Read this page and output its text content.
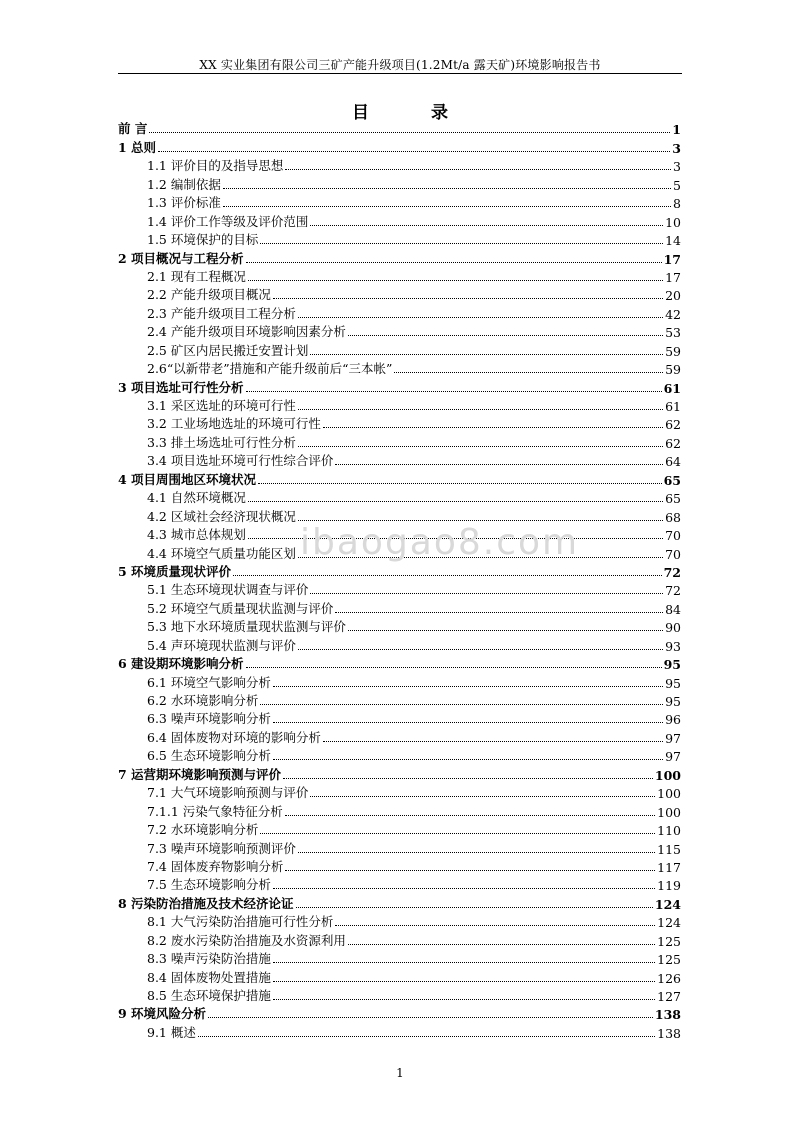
XX 实业集团有限公司三矿产能升级项目(1.2Mt/a 露天矿)环境影响报告书
目 录
前 言	1
1 总则	3
1.1 评价目的及指导思想	3
1.2 编制依据	5
1.3 评价标准	8
1.4 评价工作等级及评价范围	10
1.5 环境保护的目标	14
2 项目概况与工程分析	17
2.1 现有工程概况	17
2.2 产能升级项目概况	20
2.3 产能升级项目工程分析	42
2.4 产能升级项目环境影响因素分析	53
2.5 矿区内居民搬迁安置计划	59
2.6“以新带老”措施和产能升级前后“三本帐”	59
3 项目选址可行性分析	61
3.1 采区选址的环境可行性	61
3.2 工业场地选址的环境可行性	62
3.3 排土场选址可行性分析	62
3.4 项目选址环境可行性综合评价	64
4 项目周围地区环境状况	65
4.1 自然环境概况	65
4.2 区域社会经济现状概况	68
4.3 城市总体规划	70
4.4 环境空气质量功能区划	70
5 环境质量现状评价	72
5.1 生态环境现状调查与评价	72
5.2 环境空气质量现状监测与评价	84
5.3 地下水环境质量现状监测与评价	90
5.4 声环境现状监测与评价	93
6 建设期环境影响分析	95
6.1 环境空气影响分析	95
6.2 水环境影响分析	95
6.3 噪声环境影响分析	96
6.4 固体废物对环境的影响分析	97
6.5 生态环境影响分析	97
7 运营期环境影响预测与评价	100
7.1 大气环境影响预测与评价	100
7.1.1 污染气象特征分析	100
7.2 水环境影响分析	110
7.3 噪声环境影响预测评价	115
7.4 固体废弃物影响分析	117
7.5 生态环境影响分析	119
8 污染防治措施及技术经济论证	124
8.1 大气污染防治措施可行性分析	124
8.2 废水污染防治措施及水资源利用	125
8.3 噪声污染防治措施	125
8.4 固体废物处置措施	126
8.5 生态环境保护措施	127
9 环境风险分析	138
9.1 概述	138
ibaogao8.com
1
